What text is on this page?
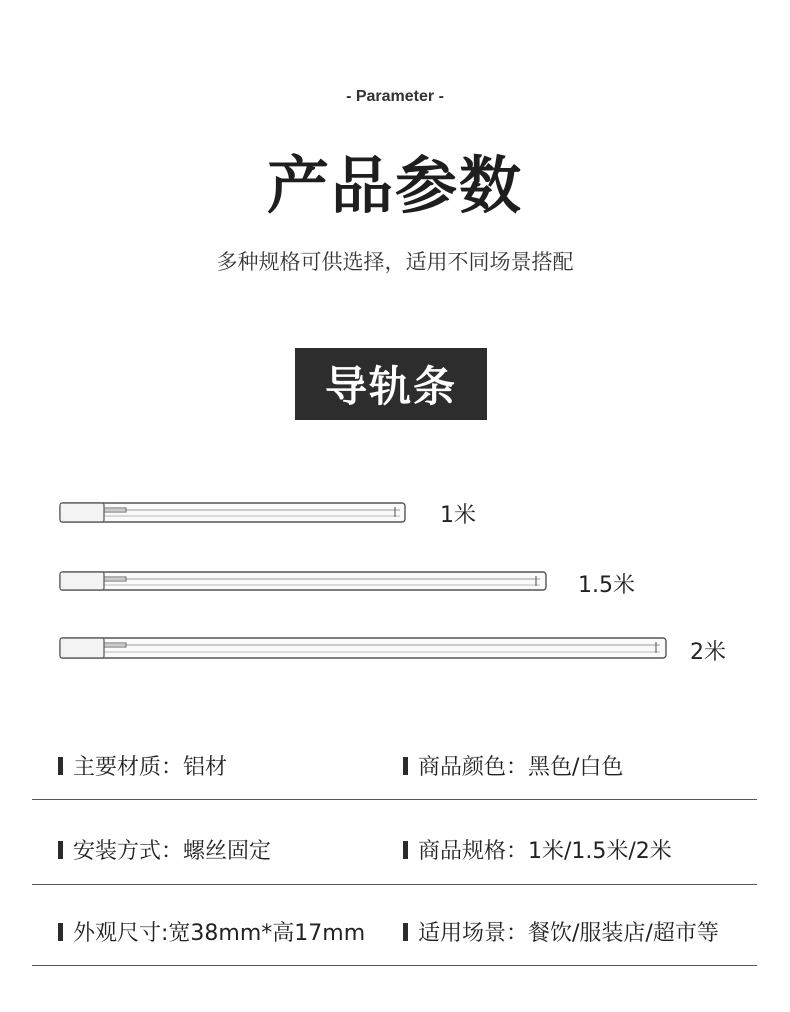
- Parameter -
产品参数
多种规格可供选择，适用不同场景搭配
导轨条
1米
1.5米
2米
主要材质：铝材	商品颜色：黑色/白色
安装方式：螺丝固定	商品规格：1米/1.5米/2米
外观尺寸:宽38mm*高17mm 适用场景：餐饮/服装店/超市等
